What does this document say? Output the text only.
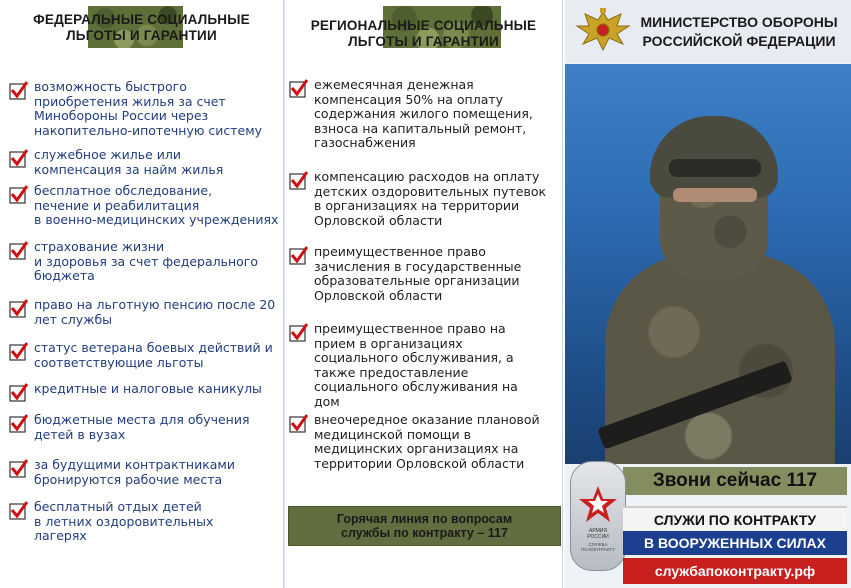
ФЕДЕРАЛЬНЫЕ СОЦИАЛЬНЫЕ
ЛЬГОТЫ И ГАРАНТИИ
возможность быстрого
приобретения жилья за счет
Минобороны России через
накопительно-ипотечную систему
служебное жилье или
компенсация за найм жилья
бесплатное обследование,
печение и реабилитация
в военно-медицинских учреждениях
страхование жизни
и здоровья за счет федерального
бюджета
право на льготную пенсию после 20
лет службы
статус ветерана боевых действий и
соответствующие льготы
кредитные и налоговые каникулы
бюджетные места для обучения
детей в вузах
за будущими контрактниками
бронируются рабочие места
бесплатный отдых детей
в летних оздоровительных
лагерях
РЕГИОНАЛЬНЫЕ СОЦИАЛЬНЫЕ
ЛЬГОТЫ И ГАРАНТИИ
ежемесячная денежная
компенсация 50% на оплату
содержания жилого помещения,
взноса на капитальный ремонт,
газоснабжения
компенсацию расходов на оплату
детских оздоровительных путевок
в организациях на территории
Орловской области
преимущественное право
зачисления в государственные
образовательные организации
Орловской области
преимущественное право на
прием в организациях
социального обслуживания, а
также предоставление
социального обслуживания на
дом
внеочередное оказание плановой
медицинской помощи в
медицинских организациях на
территории Орловской области
Горячая линия по вопросам
службы по контракту – 117
МИНИСТЕРСТВО ОБОРОНЫ
РОССИЙСКОЙ ФЕДЕРАЦИИ
Звони сейчас 117
АРМИЯ
РОССИИ
СЛУЖБА
ПО КОНТРАКТУ
СЛУЖИ ПО КОНТРАКТУ
В ВООРУЖЕННЫХ СИЛАХ
службапоконтракту.рф
